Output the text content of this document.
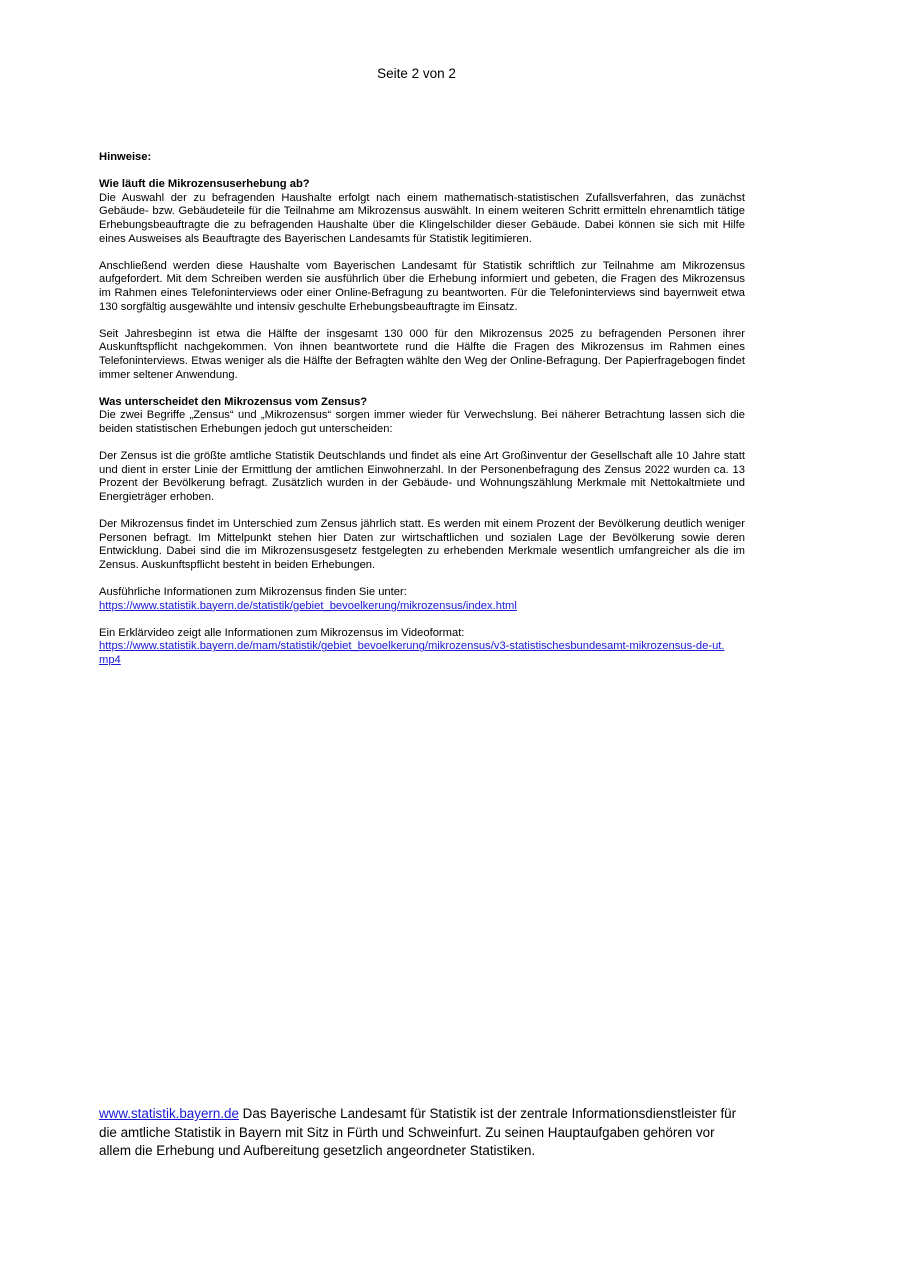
Seite 2 von 2
Hinweise:
Wie läuft die Mikrozensuserhebung ab?

Die Auswahl der zu befragenden Haushalte erfolgt nach einem mathematisch-statistischen Zufallsverfahren, das zunächst Gebäude- bzw. Gebäudeteile für die Teilnahme am Mikrozensus auswählt. In einem weiteren Schritt ermitteln ehrenamtlich tätige Erhebungsbeauftragte die zu befragenden Haushalte über die Klingelschilder dieser Gebäude. Dabei können sie sich mit Hilfe eines Ausweises als Beauftragte des Bayerischen Landesamts für Statistik legitimieren.

Anschließend werden diese Haushalte vom Bayerischen Landesamt für Statistik schriftlich zur Teilnahme am Mikrozensus aufgefordert. Mit dem Schreiben werden sie ausführlich über die Erhebung informiert und gebeten, die Fragen des Mikrozensus im Rahmen eines Telefoninterviews oder einer Online-Befragung zu beantworten. Für die Telefoninterviews sind bayernweit etwa 130 sorgfältig ausgewählte und intensiv geschulte Erhebungsbeauftragte im Einsatz.

Seit Jahresbeginn ist etwa die Hälfte der insgesamt 130 000 für den Mikrozensus 2025 zu befragenden Personen ihrer Auskunftspflicht nachgekommen. Von ihnen beantwortete rund die Hälfte die Fragen des Mikrozensus im Rahmen eines Telefoninterviews. Etwas weniger als die Hälfte der Befragten wählte den Weg der Online-Befragung. Der Papierfragebogen findet immer seltener Anwendung.

Was unterscheidet den Mikrozensus vom Zensus?

Die zwei Begriffe „Zensus“ und „Mikrozensus“ sorgen immer wieder für Verwechslung. Bei näherer Betrachtung lassen sich die beiden statistischen Erhebungen jedoch gut unterscheiden:

Der Zensus ist die größte amtliche Statistik Deutschlands und findet als eine Art Großinventur der Gesellschaft alle 10 Jahre statt und dient in erster Linie der Ermittlung der amtlichen Einwohnerzahl. In der Personenbefragung des Zensus 2022 wurden ca. 13 Prozent der Bevölkerung befragt. Zusätzlich wurden in der Gebäude- und Wohnungszählung Merkmale mit Nettokaltmiete und Energieträger erhoben.

Der Mikrozensus findet im Unterschied zum Zensus jährlich statt. Es werden mit einem Prozent der Bevölkerung deutlich weniger Personen befragt. Im Mittelpunkt stehen hier Daten zur wirtschaftlichen und sozialen Lage der Bevölkerung sowie deren Entwicklung. Dabei sind die im Mikrozensusgesetz festgelegten zu erhebenden Merkmale wesentlich umfangreicher als die im Zensus. Auskunftspflicht besteht in beiden Erhebungen.

Ausführliche Informationen zum Mikrozensus finden Sie unter:
https://www.statistik.bayern.de/statistik/gebiet_bevoelkerung/mikrozensus/index.html
Ein Erklärvideo zeigt alle Informationen zum Mikrozensus im Videoformat:
https://www.statistik.bayern.de/mam/statistik/gebiet_bevoelkerung/mikrozensus/v3-statistischesbundesamt-mikrozensus-de-ut.mp4
www.statistik.bayern.de Das Bayerische Landesamt für Statistik ist der zentrale Informationsdienstleister für die amtliche Statistik in Bayern mit Sitz in Fürth und Schweinfurt. Zu seinen Hauptaufgaben gehören vor allem die Erhebung und Aufbereitung gesetzlich angeordneter Statistiken.
